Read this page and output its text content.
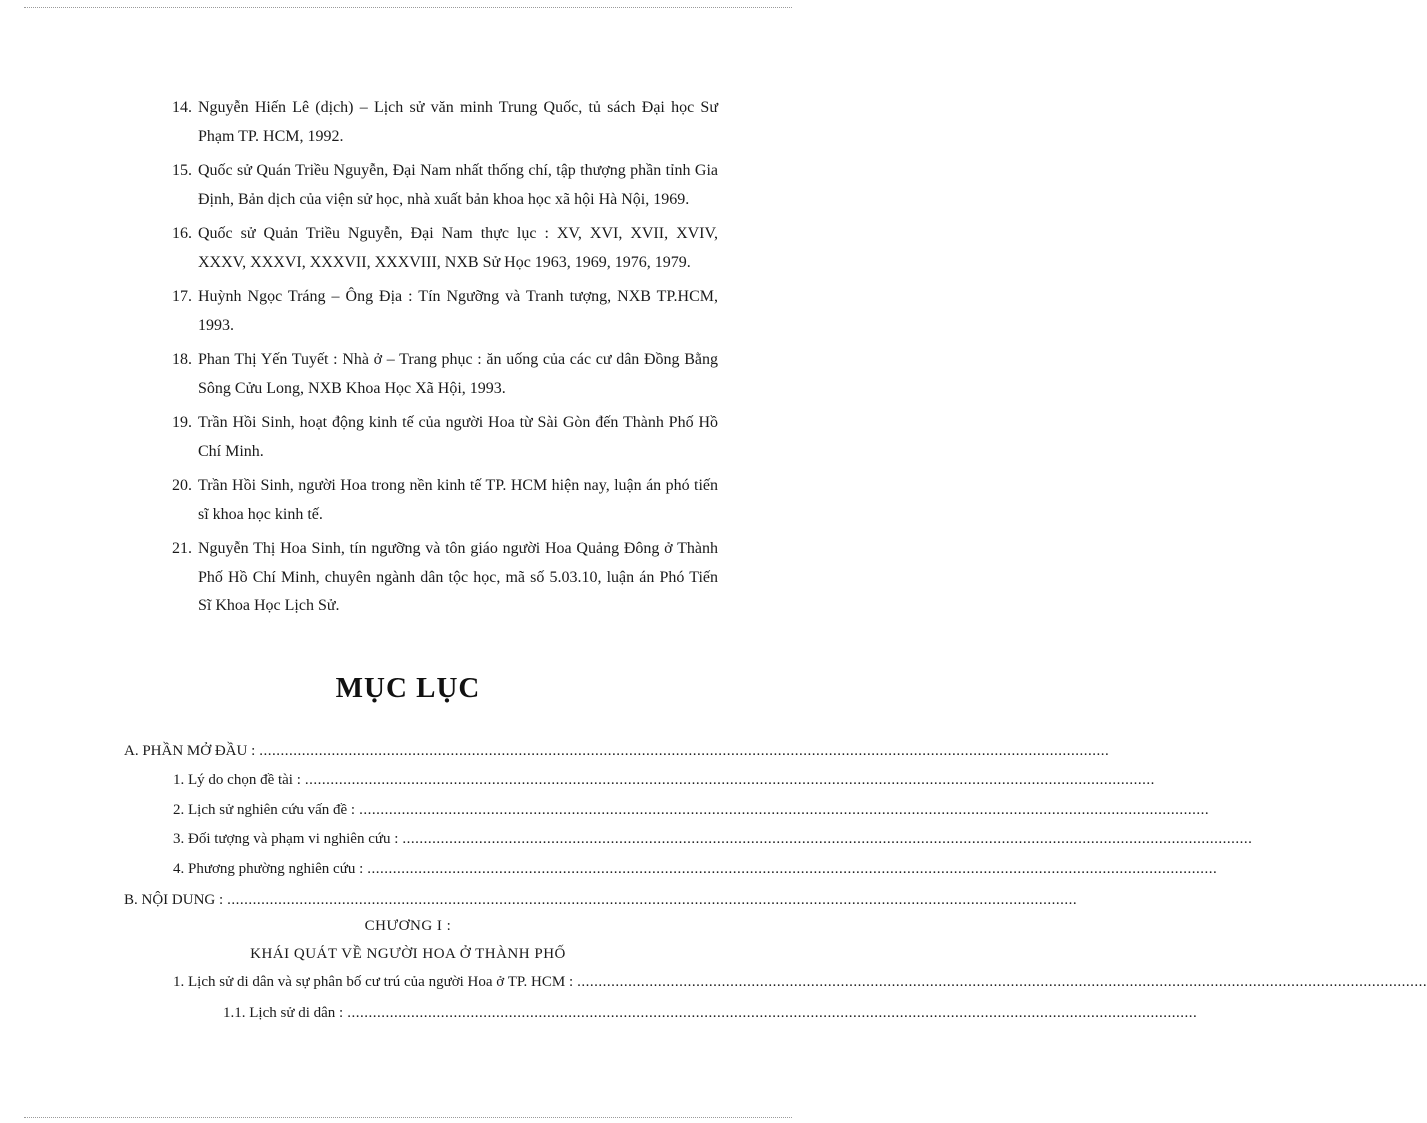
14. Nguyễn Hiến Lê (dịch) – Lịch sử văn minh Trung Quốc, tủ sách Đại học Sư Phạm TP. HCM, 1992.
15. Quốc sử Quán Triều Nguyễn, Đại Nam nhất thống chí, tập thượng phần tỉnh Gia Định, Bản dịch của viện sử học, nhà xuất bản khoa học xã hội Hà Nội, 1969.
16. Quốc sử Quản Triều Nguyễn, Đại Nam thực lục : XV, XVI, XVII, XVIV, XXXV, XXXVI, XXXVII, XXXVIII, NXB Sử Học 1963, 1969, 1976, 1979.
17. Huỳnh Ngọc Tráng – Ông Địa : Tín Ngưỡng và Tranh tượng, NXB TP.HCM, 1993.
18. Phan Thị Yến Tuyết : Nhà ở – Trang phục : ăn uống của các cư dân Đồng Bằng Sông Cửu Long, NXB Khoa Học Xã Hội, 1993.
19. Trần Hồi Sinh, hoạt động kinh tế của người Hoa từ Sài Gòn đến Thành Phố Hồ Chí Minh.
20. Trần Hồi Sinh, người Hoa trong nền kinh tế TP. HCM hiện nay, luận án phó tiến sĩ khoa học kinh tế.
21. Nguyễn Thị Hoa Sinh, tín ngưỡng và tôn giáo người Hoa Quảng Đông ở Thành Phố Hồ Chí Minh, chuyên ngành dân tộc học, mã số 5.03.10, luận án Phó Tiến Sĩ Khoa Học Lịch Sử.
MỤC LỤC
A. PHẦN MỞ ĐẦU : ........................................................................................................................................................................................................
1. Lý do chọn đề tài : ........................................................................................................................................................................................................
2. Lịch sử nghiên cứu vấn đề : ........................................................................................................................................................................................................
3. Đối tượng và phạm vi nghiên cứu : ........................................................................................................................................................................................................
4. Phương phường nghiên cứu : ........................................................................................................................................................................................................
B. NỘI DUNG : ........................................................................................................................................................................................................
CHƯƠNG I :
KHÁI QUÁT VỀ NGƯỜI HOA Ở THÀNH PHỐ
1. Lịch sử di dân và sự phân bố cư trú của người Hoa ở TP. HCM : ........................................................................................................................................................................................................
1.1. Lịch sử di dân : ........................................................................................................................................................................................................
